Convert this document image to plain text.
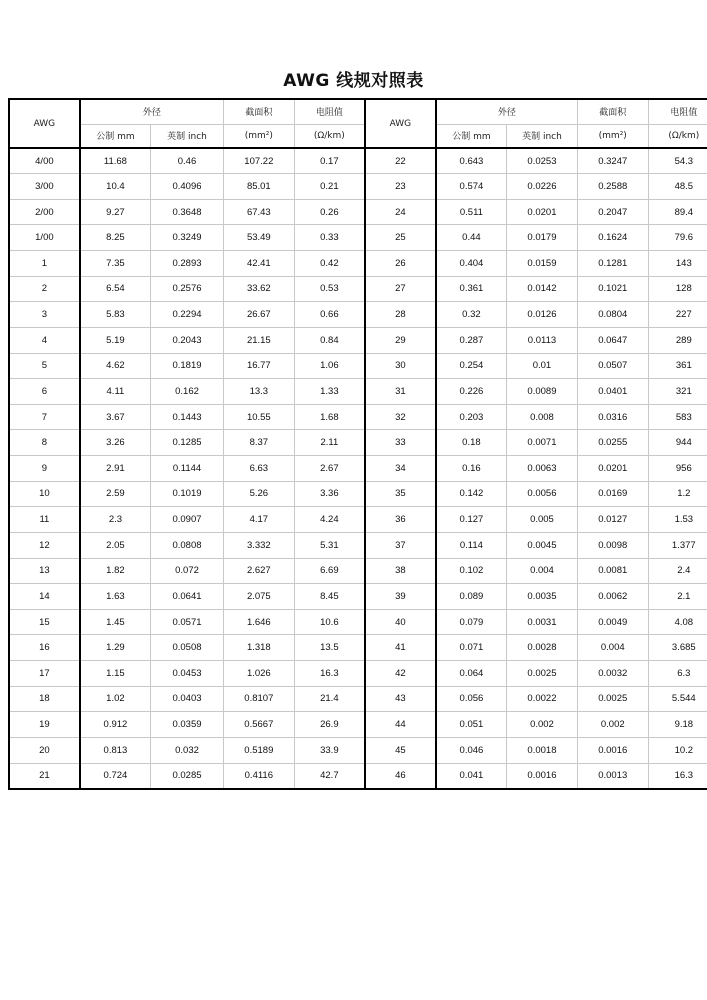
AWG 线规对照表
AWG	外径		截面积	电阻值	AWG	外径		截面积	电阻值
	公制 mm	英制 inch	(mm²)	(Ω/km)		公制 mm	英制 inch	(mm²)	(Ω/km)
4/00	11.68	0.46	107.22	0.17	22	0.643	0.0253	0.3247	54.3
3/00	10.4	0.4096	85.01	0.21	23	0.574	0.0226	0.2588	48.5
2/00	9.27	0.3648	67.43	0.26	24	0.511	0.0201	0.2047	89.4
1/00	8.25	0.3249	53.49	0.33	25	0.44	0.0179	0.1624	79.6
1	7.35	0.2893	42.41	0.42	26	0.404	0.0159	0.1281	143
2	6.54	0.2576	33.62	0.53	27	0.361	0.0142	0.1021	128
3	5.83	0.2294	26.67	0.66	28	0.32	0.0126	0.0804	227
4	5.19	0.2043	21.15	0.84	29	0.287	0.0113	0.0647	289
5	4.62	0.1819	16.77	1.06	30	0.254	0.01	0.0507	361
6	4.11	0.162	13.3	1.33	31	0.226	0.0089	0.0401	321
7	3.67	0.1443	10.55	1.68	32	0.203	0.008	0.0316	583
8	3.26	0.1285	8.37	2.11	33	0.18	0.0071	0.0255	944
9	2.91	0.1144	6.63	2.67	34	0.16	0.0063	0.0201	956
10	2.59	0.1019	5.26	3.36	35	0.142	0.0056	0.0169	1.2
11	2.3	0.0907	4.17	4.24	36	0.127	0.005	0.0127	1.53
12	2.05	0.0808	3.332	5.31	37	0.114	0.0045	0.0098	1.377
13	1.82	0.072	2.627	6.69	38	0.102	0.004	0.0081	2.4
14	1.63	0.0641	2.075	8.45	39	0.089	0.0035	0.0062	2.1
15	1.45	0.0571	1.646	10.6	40	0.079	0.0031	0.0049	4.08
16	1.29	0.0508	1.318	13.5	41	0.071	0.0028	0.004	3.685
17	1.15	0.0453	1.026	16.3	42	0.064	0.0025	0.0032	6.3
18	1.02	0.0403	0.8107	21.4	43	0.056	0.0022	0.0025	5.544
19	0.912	0.0359	0.5667	26.9	44	0.051	0.002	0.002	9.18
20	0.813	0.032	0.5189	33.9	45	0.046	0.0018	0.0016	10.2
21	0.724	0.0285	0.4116	42.7	46	0.041	0.0016	0.0013	16.3
